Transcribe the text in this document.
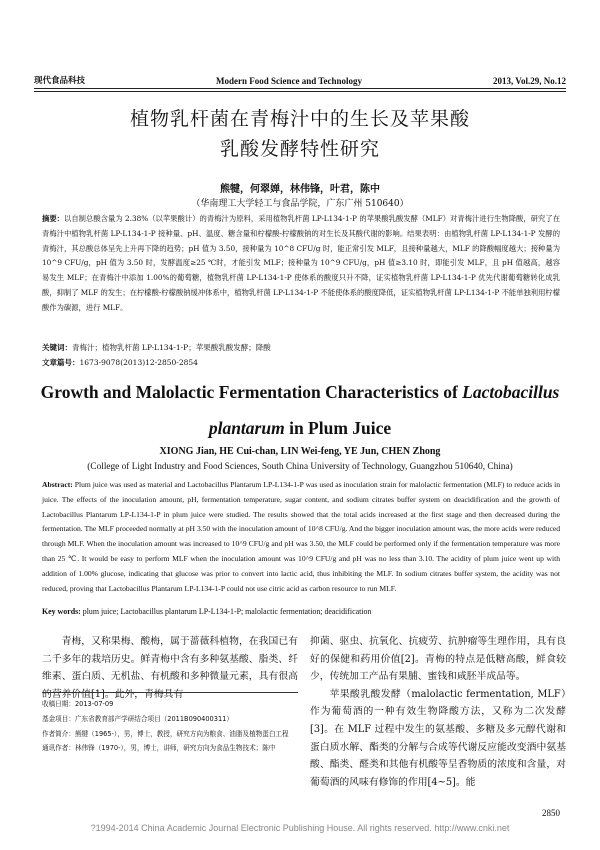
现代食品科技	Modern Food Science and Technology	2013, Vol.29, No.12
植物乳杆菌在青梅汁中的生长及苹果酸
乳酸发酵特性研究
熊犍，何翠婵，林伟锋，叶君，陈中
（华南理工大学轻工与食品学院，广东广州 510640）
摘要：以自制总酸含量为 2.38%（以苹果酸计）的青梅汁为原料，采用植物乳杆菌 LP-L134-1-P 的苹果酸乳酸发酵（MLF）对青梅汁进行生物降酸，研究了在青梅汁中植物乳杆菌 LP-L134-1-P 接种量、pH、温度、糖含量和柠檬酸-柠檬酸钠的对生长及其酸代谢的影响。结果表明：由植物乳杆菌 LP-L134-1-P 发酵的青梅汁，其总酸总体呈先上升再下降的趋势；pH 值为 3.50，接种量为 10^8 CFU/g 时，能正常引发 MLF，且接种量越大，MLF 的降酸幅度越大；接种量为 10^9 CFU/g，pH 值为 3.50 时，发酵温度≥25 ℃时，才能引发 MLF；接种量为 10^9 CFU/g，pH 值≥3.10 时，即能引发 MLF，且 pH 值越高，越容易发生 MLF；在青梅汁中添加 1.00%的葡萄糖，植物乳杆菌 LP-L134-1-P 使体系的酸度只升不降，证实植物乳杆菌 LP-L134-1-P 优先代谢葡萄糖转化成乳酸，抑制了 MLF 的发生；在柠檬酸-柠檬酸钠缓冲体系中，植物乳杆菌 LP-L134-1-P 不能使体系的酸度降低，证实植物乳杆菌 LP-L134-1-P 不能单独利用柠檬酸作为碳源，进行 MLF。
关键词：青梅汁；植物乳杆菌 LP-L134-1-P；苹果酸乳酸发酵；降酸
文章篇号：1673-9078(2013)12-2850-2854
Growth and Malolactic Fermentation Characteristics of Lactobacillus
plantarum in Plum Juice
XIONG Jian, HE Cui-chan, LIN Wei-feng, YE Jun, CHEN Zhong
(College of Light Industry and Food Sciences, South China University of Technology, Guangzhou 510640, China)
Abstract: Plum juice was used as material and Lactobacillus Plantarum LP-L134-1-P was used as inoculation strain for malolactic fermentation (MLF) to reduce acids in juice. The effects of the inoculation amount, pH, fermentation temperature, sugar content, and sodium citrates buffer system on deacidification and the growth of Lactobacillus Plantarum LP-L134-1-P in plum juice were studied. The results showed that the total acids increased at the first stage and then decreased during the fermentation. The MLF proceeded normally at pH 3.50 with the inoculation amount of 10^8 CFU/g. And the bigger inoculation amount was, the more acids were reduced through MLF. When the inoculation amount was increased to 10^9 CFU/g and pH was 3.50, the MLF could be performed only if the fermentation temperature was more than 25 ℃. It would be easy to perform MLF when the inoculation amount was 10^9 CFU/g and pH was no less than 3.10. The acidity of plum juice went up with addition of 1.00% glucose, indicating that glucose was prior to convert into lactic acid, thus inhibiting the MLF. In sodium citrates buffer system, the acidity was not reduced, proving that Lactobacillus Plantarum LP-L134-1-P could not use citric acid as carbon resource to run MLF.
Key words: plum juice; Lactobacillus plantarum LP-L134-1-P; malolactic fermentation; deacidification
青梅，又称果梅、酸梅，属于蔷薇科植物，在我国已有二千多年的栽培历史。鲜青梅中含有多种氨基酸、脂类、纤维素、蛋白质、无机盐、有机酸和多种微量元素，具有很高的营养价值[1]。此外，青梅具有
收稿日期：2013-07-09
基金项目：广东省教育部产学研结合项目（2011B090400311）
作者简介：熊犍（1965-），男，博士，教授，研究方向为粮食、油脂及植物蛋白工程
通讯作者：林伟锋（1970-），男，博士，讲师，研究方向为食品生物技术；陈中
抑菌、驱虫、抗氧化、抗疲劳、抗肿瘤等生理作用，具有良好的保健和药用价值[2]。青梅的特点是低糖高酸，鲜食较少，传统加工产品有果脯、蜜钱和咸胚半成品等。
苹果酸乳酸发酵（malolactic fermentation, MLF）作为葡萄酒的一种有效生物降酸方法，又称为二次发酵[3]。在 MLF 过程中发生的氨基酸、多糖及多元醇代谢和蛋白质水解、酯类的分解与合成等代谢反应能改变酒中氨基酸、酯类、醛类和其他有机酸等呈香物质的浓度和含量，对葡萄酒的风味有修饰的作用[4~5]。能
2850
?1994-2014 China Academic Journal Electronic Publishing House. All rights reserved. http://www.cnki.net
